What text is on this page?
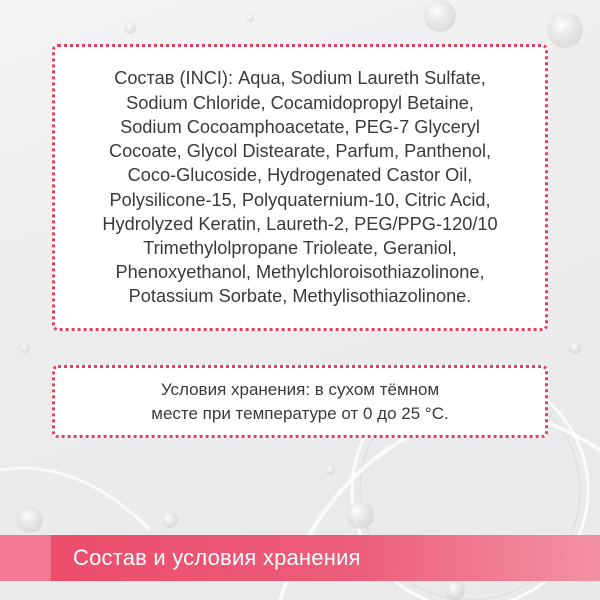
Состав (INCI): Aqua, Sodium Laureth Sulfate,
Sodium Chloride, Cocamidopropyl Betaine,
Sodium Cocoamphoacetate, PEG-7 Glyceryl
Cocoate, Glycol Distearate, Parfum, Panthenol,
Coco-Glucoside, Hydrogenated Castor Oil,
Polysilicone-15, Polyquaternium-10, Citric Acid,
Hydrolyzed Keratin, Laureth-2, PEG/PPG-120/10
Trimethylolpropane Trioleate, Geraniol,
Phenoxyethanol, Methylchloroisothiazolinone,
Potassium Sorbate, Methylisothiazolinone.

Условия хранения: в сухом тёмном
месте при температуре от 0 до 25 °C.

Состав и условия хранения
